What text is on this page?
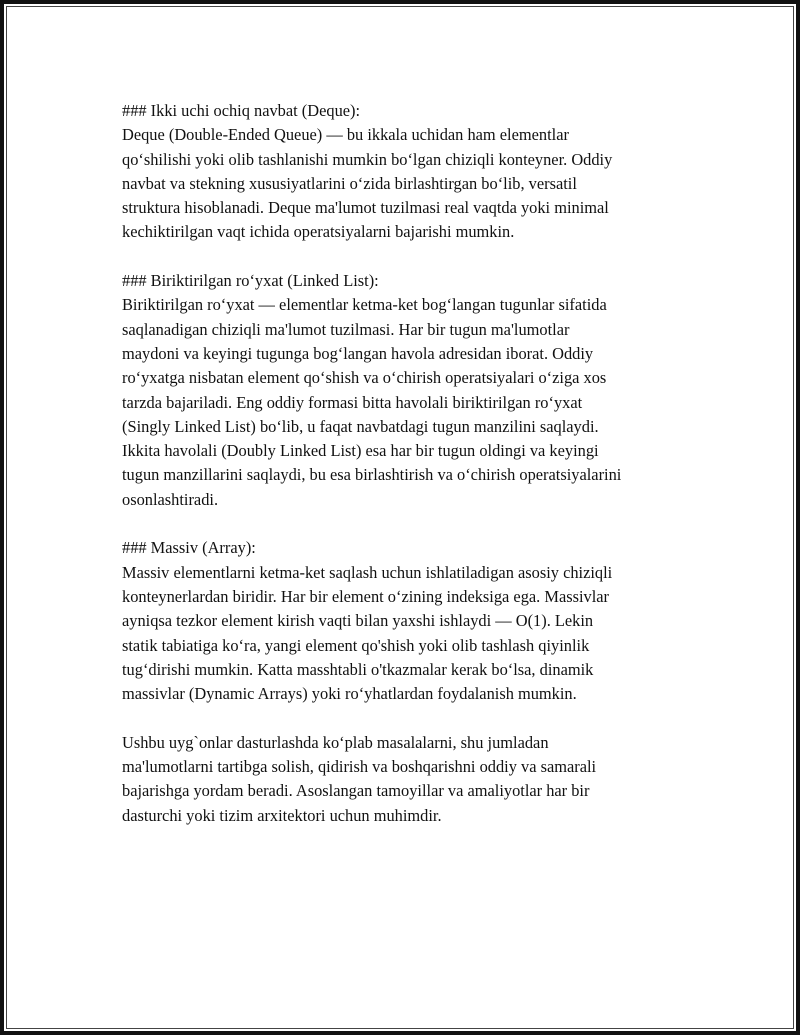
### Ikki uchi ochiq navbat (Deque):
Deque (Double-Ended Queue) — bu ikkala uchidan ham elementlar
qo‘shilishi yoki olib tashlanishi mumkin bo‘lgan chiziqli konteyner. Oddiy
navbat va stekning xususiyatlarini o‘zida birlashtirgan bo‘lib, versatil
struktura hisoblanadi. Deque ma'lumot tuzilmasi real vaqtda yoki minimal
kechiktirilgan vaqt ichida operatsiyalarni bajarishi mumkin.
### Biriktirilgan ro‘yxat (Linked List):
Biriktirilgan ro‘yxat — elementlar ketma-ket bog‘langan tugunlar sifatida
saqlanadigan chiziqli ma'lumot tuzilmasi. Har bir tugun ma'lumotlar
maydoni va keyingi tugunga bog‘langan havola adresidan iborat. Oddiy
ro‘yxatga nisbatan element qo‘shish va o‘chirish operatsiyalari o‘ziga xos
tarzda bajariladi. Eng oddiy formasi bitta havolali biriktirilgan ro‘yxat
(Singly Linked List) bo‘lib, u faqat navbatdagi tugun manzilini saqlaydi.
Ikkita havolali (Doubly Linked List) esa har bir tugun oldingi va keyingi
tugun manzillarini saqlaydi, bu esa birlashtirish va o‘chirish operatsiyalarini
osonlashtiradi.
### Massiv (Array):
Massiv elementlarni ketma-ket saqlash uchun ishlatiladigan asosiy chiziqli
konteynerlardan biridir. Har bir element o‘zining indeksiga ega. Massivlar
ayniqsa tezkor element kirish vaqti bilan yaxshi ishlaydi — O(1). Lekin
statik tabiatiga ko‘ra, yangi element qo'shish yoki olib tashlash qiyinlik
tug‘dirishi mumkin. Katta masshtabli o'tkazmalar kerak bo‘lsa, dinamik
massivlar (Dynamic Arrays) yoki ro‘yhatlardan foydalanish mumkin.
Ushbu uyg`onlar dasturlashda ko‘plab masalalarni, shu jumladan
ma'lumotlarni tartibga solish, qidirish va boshqarishni oddiy va samarali
bajarishga yordam beradi. Asoslangan tamoyillar va amaliyotlar har bir
dasturchi yoki tizim arxitektori uchun muhimdir.
